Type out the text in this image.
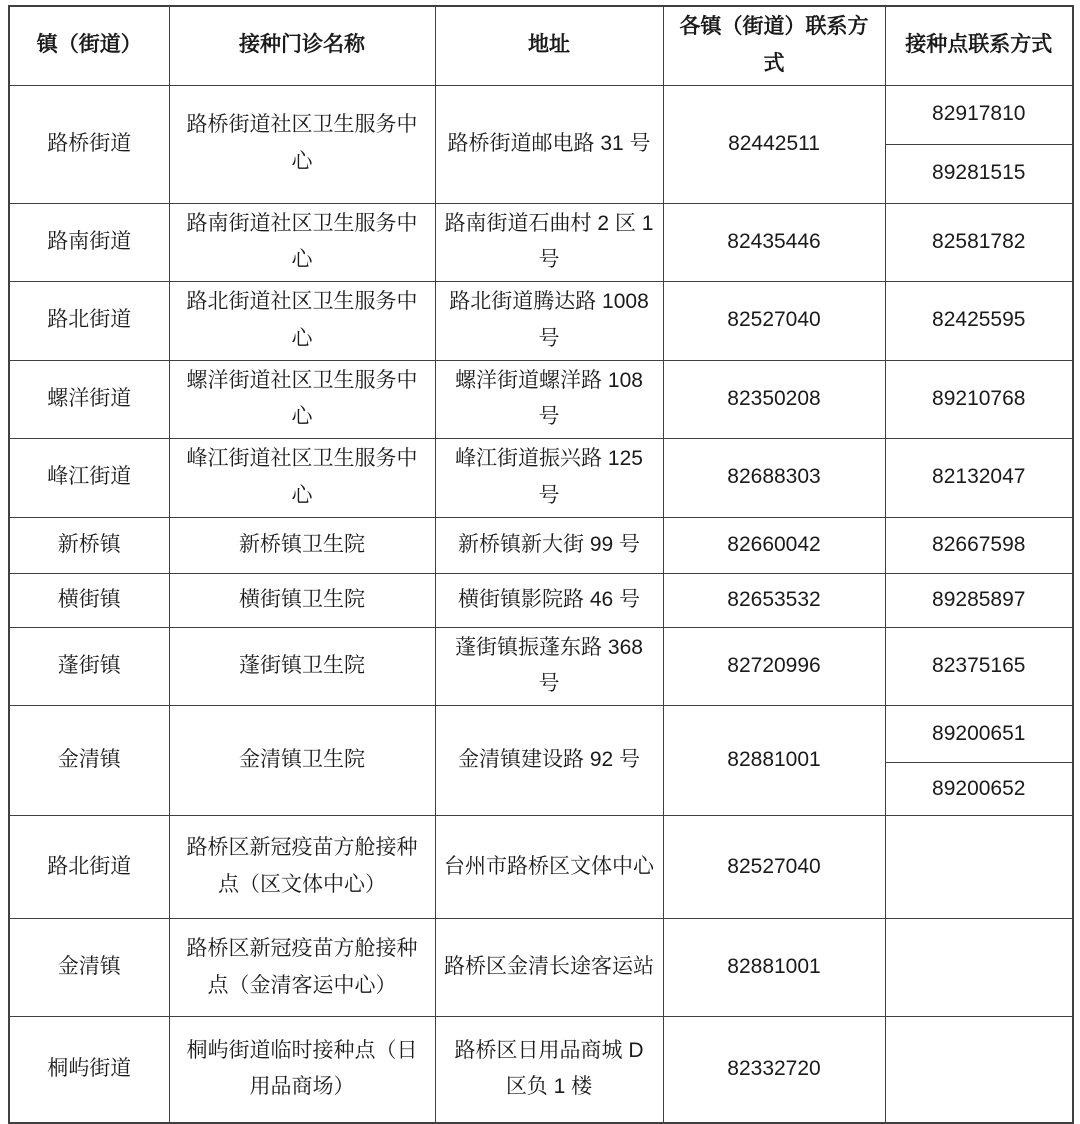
镇（街道）	接种门诊名称	地址	各镇（街道）联系方式	接种点联系方式
路桥街道	路桥街道社区卫生服务中心	路桥街道邮电路 31 号	82442511	82917810
				89281515
路南街道	路南街道社区卫生服务中心	路南街道石曲村 2 区 1 号	82435446	82581782
路北街道	路北街道社区卫生服务中心	路北街道腾达路 1008 号	82527040	82425595
螺洋街道	螺洋街道社区卫生服务中心	螺洋街道螺洋路 108 号	82350208	89210768
峰江街道	峰江街道社区卫生服务中心	峰江街道振兴路 125 号	82688303	82132047
新桥镇	新桥镇卫生院	新桥镇新大街 99 号	82660042	82667598
横街镇	横街镇卫生院	横街镇影院路 46 号	82653532	89285897
蓬街镇	蓬街镇卫生院	蓬街镇振蓬东路 368 号	82720996	82375165
金清镇	金清镇卫生院	金清镇建设路 92 号	82881001	89200651
				89200652
路北街道	路桥区新冠疫苗方舱接种点（区文体中心）	台州市路桥区文体中心	82527040	
金清镇	路桥区新冠疫苗方舱接种点（金清客运中心）	路桥区金清长途客运站	82881001	
桐屿街道	桐屿街道临时接种点（日用品商场）	路桥区日用品商城 D 区负 1 楼	82332720	
